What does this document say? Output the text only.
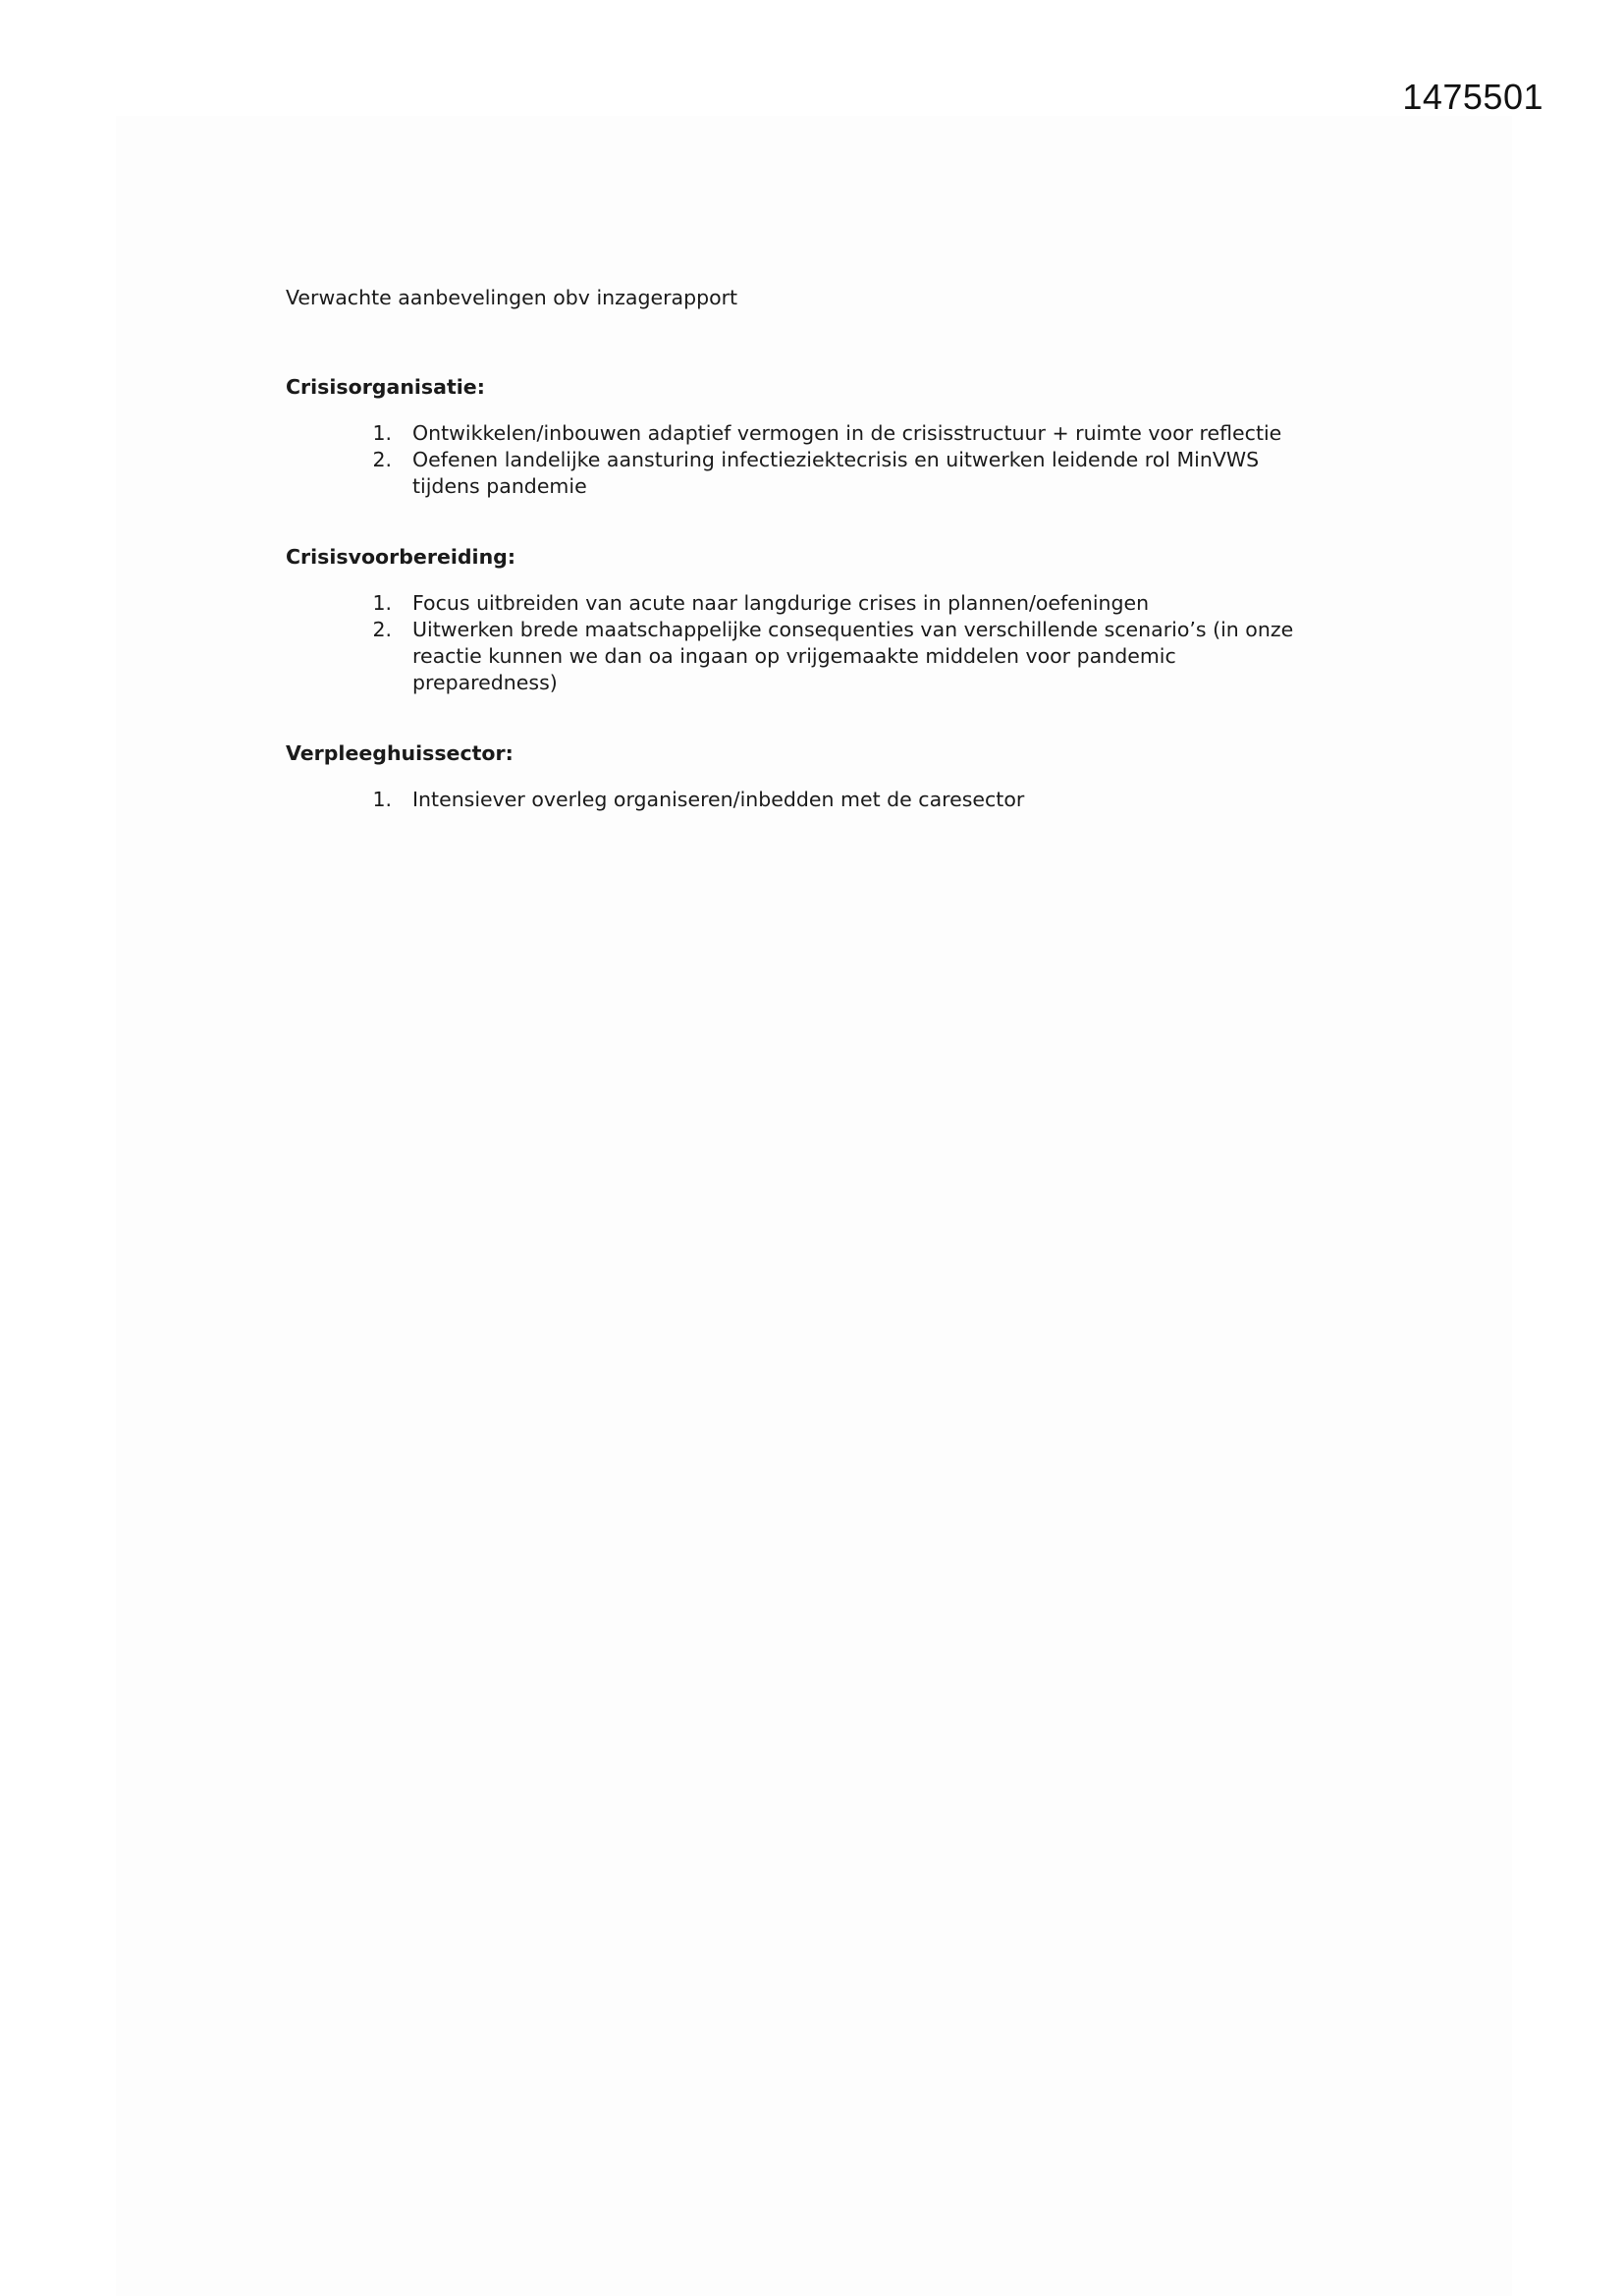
1475501

Verwachte aanbevelingen obv inzagerapport

Crisisorganisatie:

1.	Ontwikkelen/inbouwen adaptief vermogen in de crisisstructuur + ruimte voor reflectie
2.	Oefenen landelijke aansturing infectieziektecrisis en uitwerken leidende rol MinVWS
tijdens pandemie

Crisisvoorbereiding:

1.	Focus uitbreiden van acute naar langdurige crises in plannen/oefeningen
2.	Uitwerken brede maatschappelijke consequenties van verschillende scenario’s (in onze
reactie kunnen we dan oa ingaan op vrijgemaakte middelen voor pandemic
preparedness)

Verpleeghuissector:

1.	Intensiever overleg organiseren/inbedden met de caresector
